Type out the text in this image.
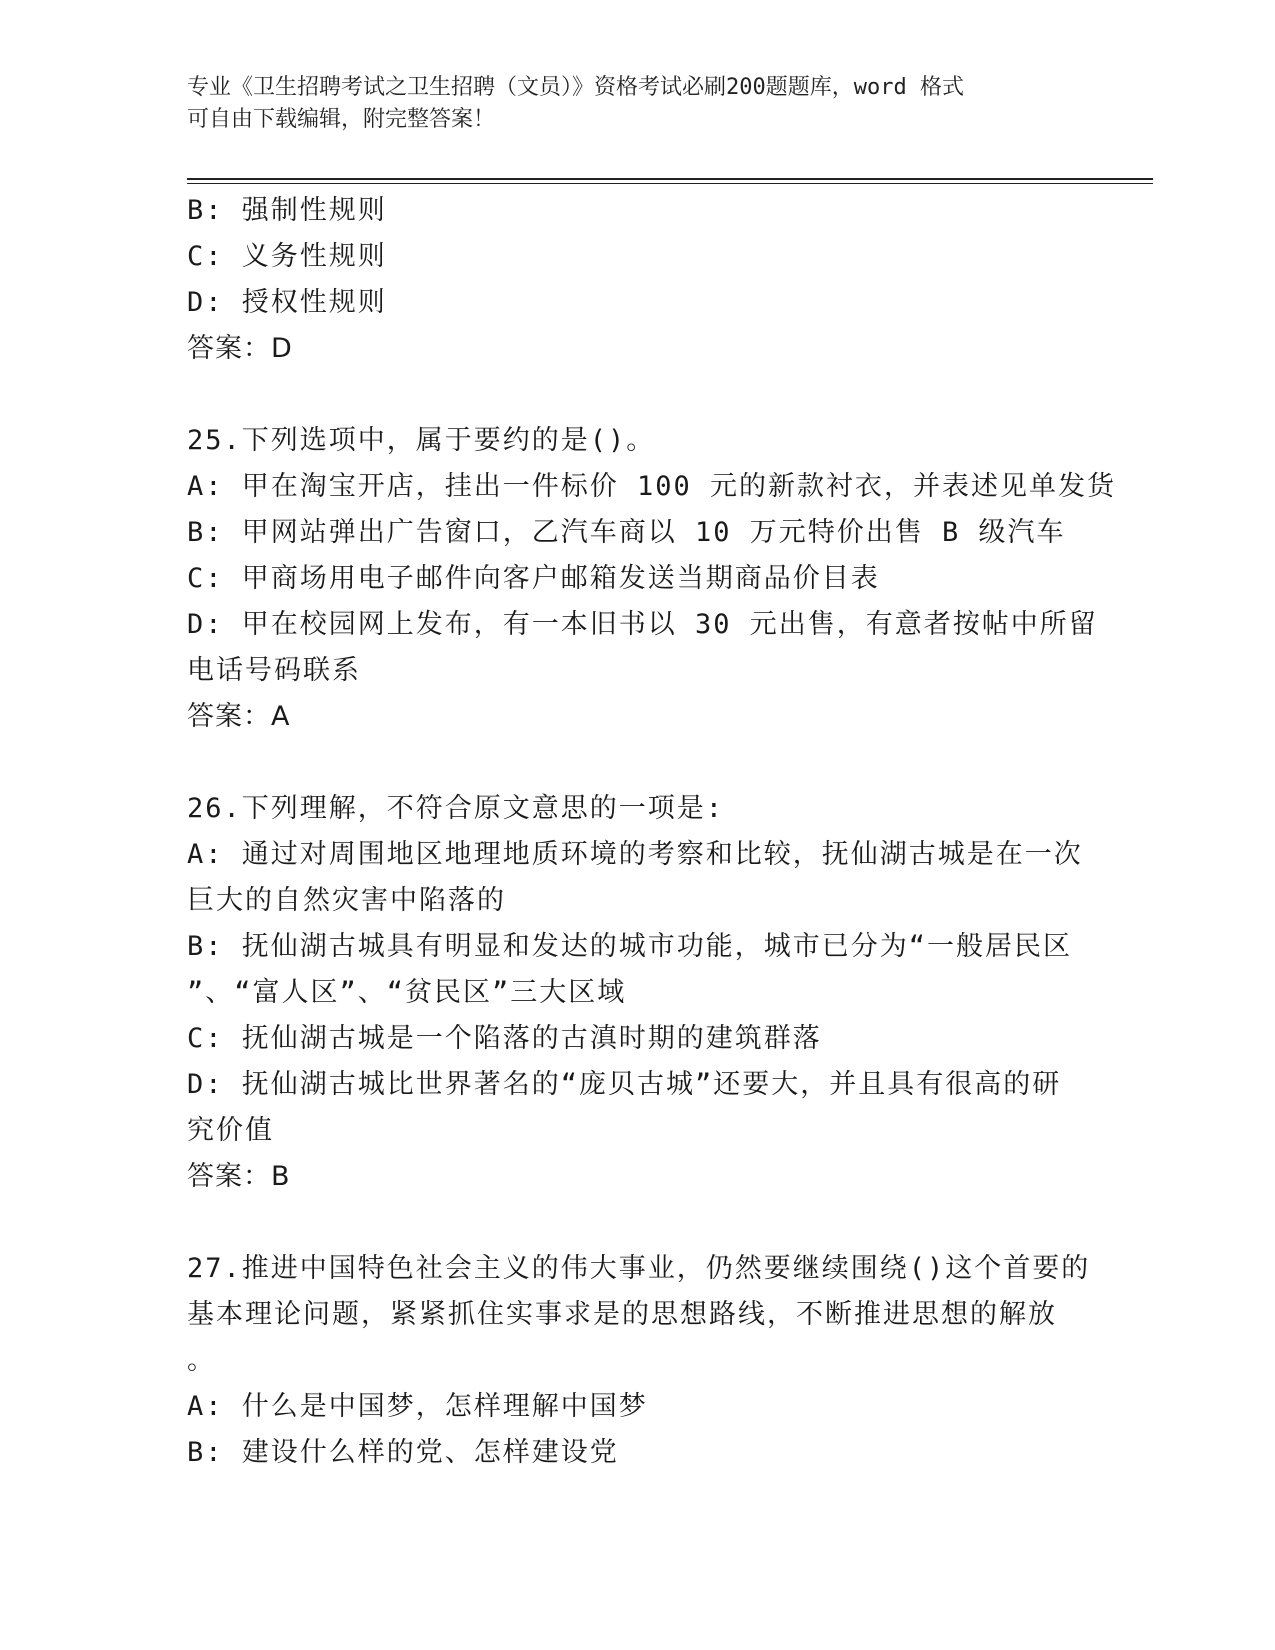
专业《卫生招聘考试之卫生招聘（文员）》资格考试必刷200题题库，word 格式
可自由下载编辑，附完整答案！
B: 强制性规则
C: 义务性规则
D: 授权性规则
答案：D
25.下列选项中，属于要约的是()。
A: 甲在淘宝开店，挂出一件标价 100 元的新款衬衣，并表述见单发货
B: 甲网站弹出广告窗口，乙汽车商以 10 万元特价出售 B 级汽车
C: 甲商场用电子邮件向客户邮箱发送当期商品价目表
D: 甲在校园网上发布，有一本旧书以 30 元出售，有意者按帖中所留
电话号码联系
答案：A
26.下列理解，不符合原文意思的一项是:
A: 通过对周围地区地理地质环境的考察和比较，抚仙湖古城是在一次
巨大的自然灾害中陷落的
B: 抚仙湖古城具有明显和发达的城市功能，城市已分为“一般居民区
”、“富人区”、“贫民区”三大区域
C: 抚仙湖古城是一个陷落的古滇时期的建筑群落
D: 抚仙湖古城比世界著名的“庞贝古城”还要大，并且具有很高的研
究价值
答案：B
27.推进中国特色社会主义的伟大事业，仍然要继续围绕()这个首要的
基本理论问题，紧紧抓住实事求是的思想路线，不断推进思想的解放
。
A: 什么是中国梦，怎样理解中国梦
B: 建设什么样的党、怎样建设党
